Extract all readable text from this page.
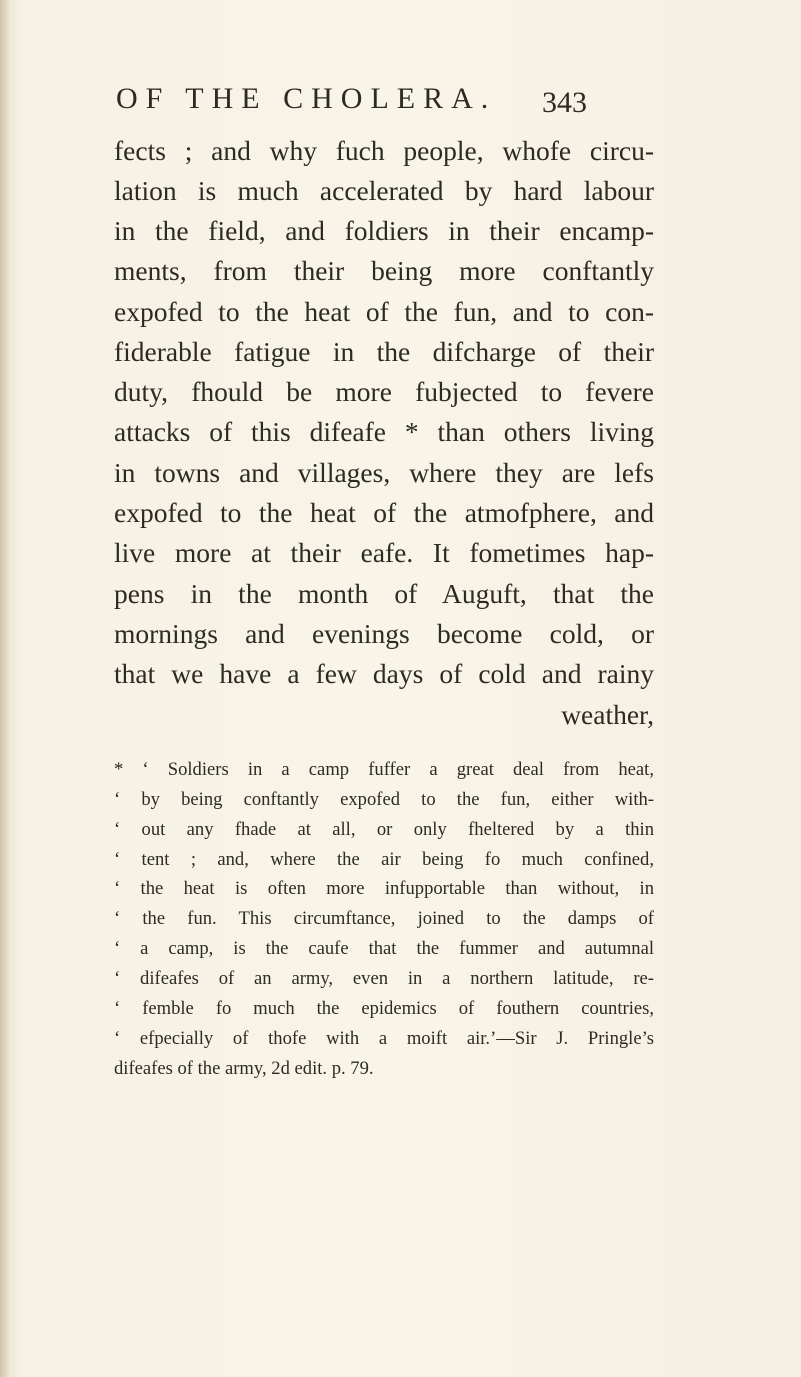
OF THE CHOLERA. 343
fects ; and why fuch people, whofe circu-
lation is much accelerated by hard labour
in the field, and foldiers in their encamp-
ments, from their being more conftantly
expofed to the heat of the fun, and to con-
fiderable fatigue in the difcharge of their
duty, fhould be more fubjected to fevere
attacks of this difeafe * than others living
in towns and villages, where they are lefs
expofed to the heat of the atmofphere, and
live more at their eafe. It fometimes hap-
pens in the month of Auguft, that the
mornings and evenings become cold, or
that we have a few days of cold and rainy
weather,
* ‘ Soldiers in a camp fuffer a great deal from heat,
‘ by being conftantly expofed to the fun, either with-
‘ out any fhade at all, or only fheltered by a thin
‘ tent ; and, where the air being fo much confined,
‘ the heat is often more infupportable than without, in
‘ the fun. This circumftance, joined to the damps of
‘ a camp, is the caufe that the fummer and autumnal
‘ difeafes of an army, even in a northern latitude, re-
‘ femble fo much the epidemics of fouthern countries,
‘ efpecially of thofe with a moift air.’—Sir J. Pringle’s
difeafes of the army, 2d edit. p. 79.
